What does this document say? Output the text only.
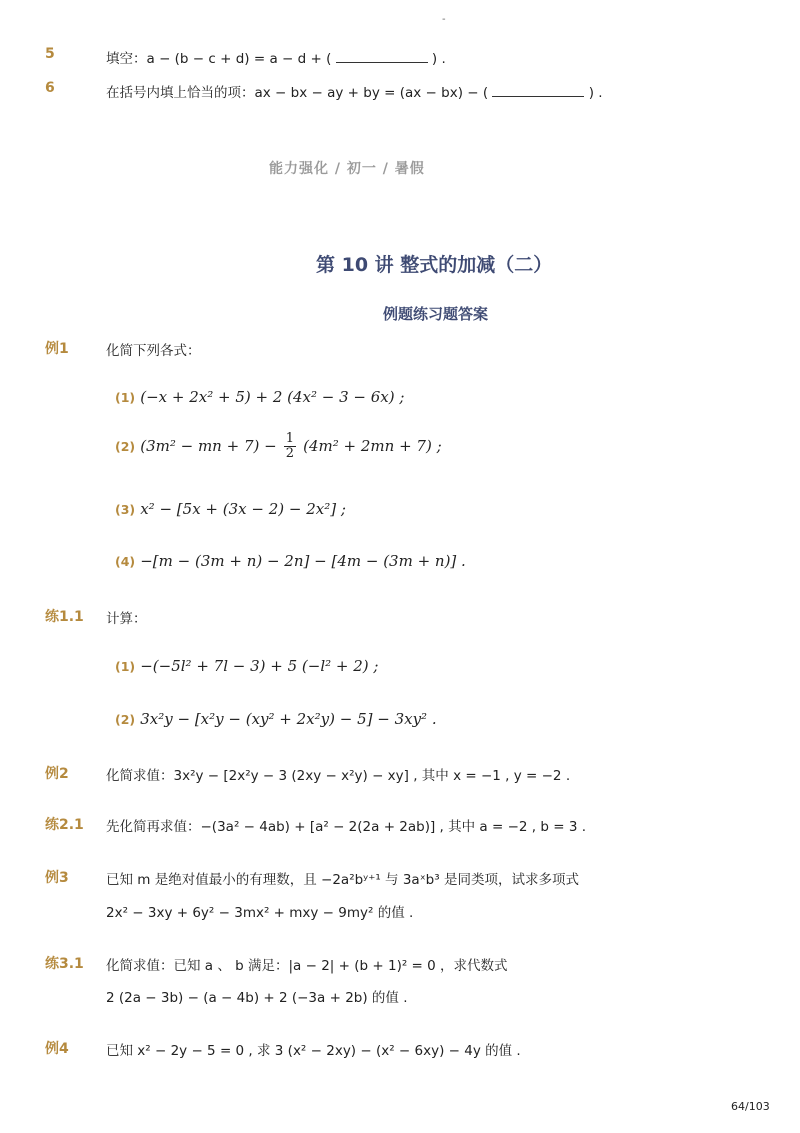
-
5	填空：a − (b − c + d) = a − d + (	) .
6	在括号内填上恰当的项：ax − bx − ay + by = (ax − bx) − (	) .
能力强化 / 初一 / 暑假
第 10 讲 整式的加减（二）
例题练习题答案
例1	化简下列各式：
(1) (−x + 2x² + 5) + 2 (4x² − 3 − 6x) ;
(2) (3m² − mn + $7) - \frac{1}{2} (4m^2 + 2mn + 7)$ ;
(3) x² − [5x + (3x − 2) − 2x²] ;
(4) −[m − (3m + n) − 2n] − [4m − (3m + n)] .
练1.1 计算：
(1) −(−5l² + 7l − 3) + 5 (−l² + 2) ;
(2) 3x²y − [x²y − (xy² + 2x²y) − 5] − 3xy² .
例2	化简求值：3x²y − [2x²y − 3 (2xy − x²y) − xy] , 其中 x = −1 , y = −2 .
练2.1 先化简再求值：−(3a² − 4ab) + [a² − 2(2a + 2ab)] , 其中 a = −2 , b = 3 .
例3	已知 m 是绝对值最小的有理数，且 −2a²bʸ⁺¹ 与 3aˣb³ 是同类项，试求多项式
2x² − 3xy + 6y² − 3mx² + mxy − 9my² 的值 .
练3.1 化简求值：已知 a 、 b 满足：|a − 2| + (b + 1)² = 0 ，求代数式
2 (2a − 3b) − (a − 4b) + 2 (−3a + 2b) 的值 .
例4	已知 x² − 2y − 5 = 0 , 求 3 (x² − 2xy) − (x² − 6xy) − 4y 的值 .
64/103
